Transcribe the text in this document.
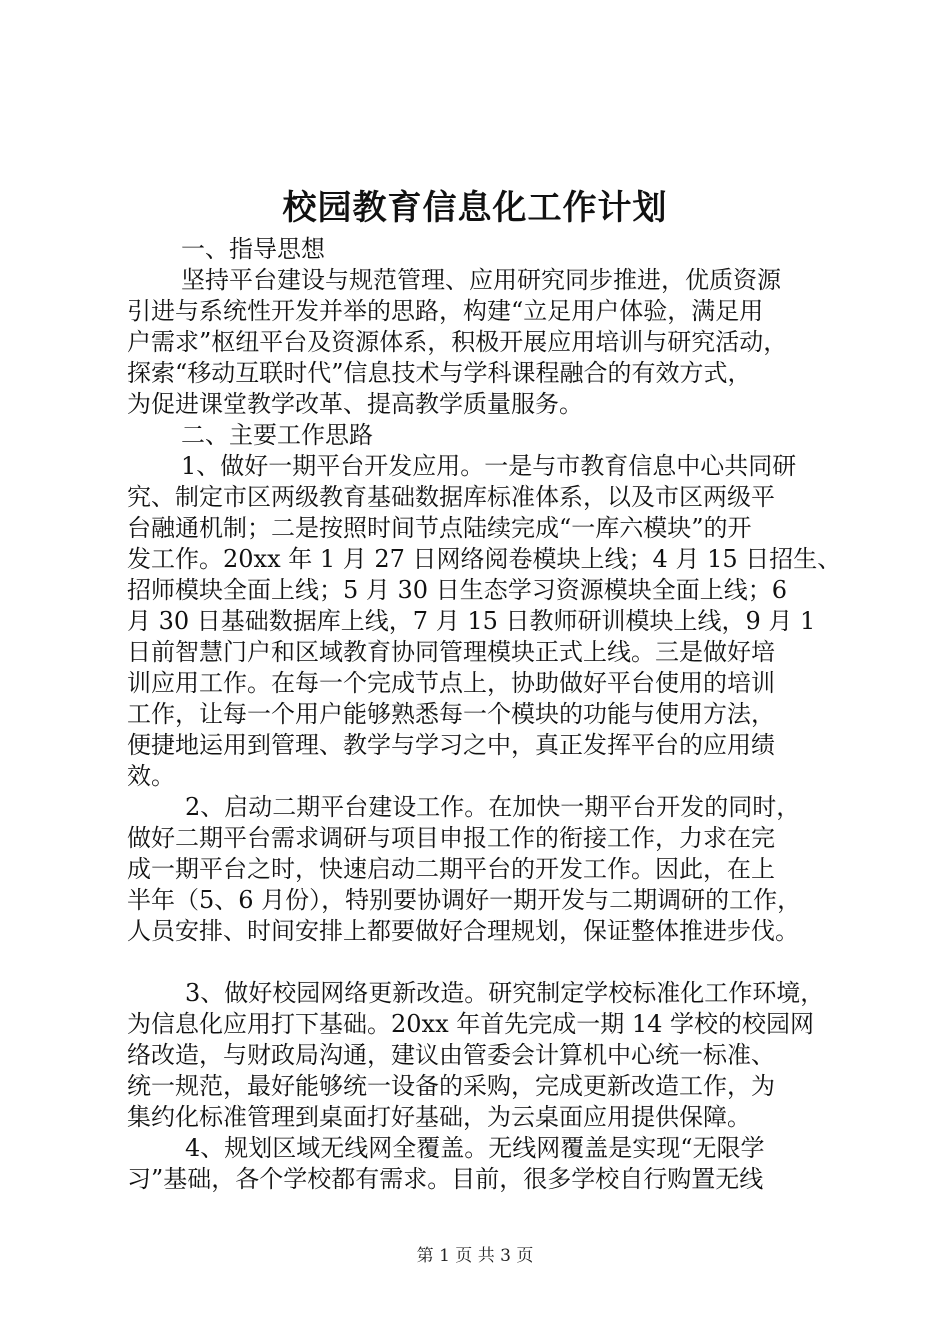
校园教育信息化工作计划
一、指导思想
坚持平台建设与规范管理、应用研究同步推进，优质资源
引进与系统性开发并举的思路，构建“立足用户体验，满足用
户需求”枢纽平台及资源体系，积极开展应用培训与研究活动，
探索“移动互联时代”信息技术与学科课程融合的有效方式，
为促进课堂教学改革、提高教学质量服务。
二、主要工作思路
1、做好一期平台开发应用。一是与市教育信息中心共同研
究、制定市区两级教育基础数据库标准体系，以及市区两级平
台融通机制；二是按照时间节点陆续完成“一库六模块”的开
发工作。20xx 年 1 月 27 日网络阅卷模块上线；4 月 15 日招生、
招师模块全面上线；5 月 30 日生态学习资源模块全面上线；6
月 30 日基础数据库上线，7 月 15 日教师研训模块上线，9 月 1
日前智慧门户和区域教育协同管理模块正式上线。三是做好培
训应用工作。在每一个完成节点上，协助做好平台使用的培训
工作，让每一个用户能够熟悉每一个模块的功能与使用方法，
便捷地运用到管理、教学与学习之中，真正发挥平台的应用绩
效。
2、启动二期平台建设工作。在加快一期平台开发的同时，
做好二期平台需求调研与项目申报工作的衔接工作，力求在完
成一期平台之时，快速启动二期平台的开发工作。因此，在上
半年（5、6 月份），特别要协调好一期开发与二期调研的工作，
人员安排、时间安排上都要做好合理规划，保证整体推进步伐。
3、做好校园网络更新改造。研究制定学校标准化工作环境，
为信息化应用打下基础。20xx 年首先完成一期 14 学校的校园网
络改造，与财政局沟通，建议由管委会计算机中心统一标准、
统一规范，最好能够统一设备的采购，完成更新改造工作，为
集约化标准管理到桌面打好基础，为云桌面应用提供保障。
4、规划区域无线网全覆盖。无线网覆盖是实现“无限学
习”基础，各个学校都有需求。目前，很多学校自行购置无线
第 1 页 共 3 页
